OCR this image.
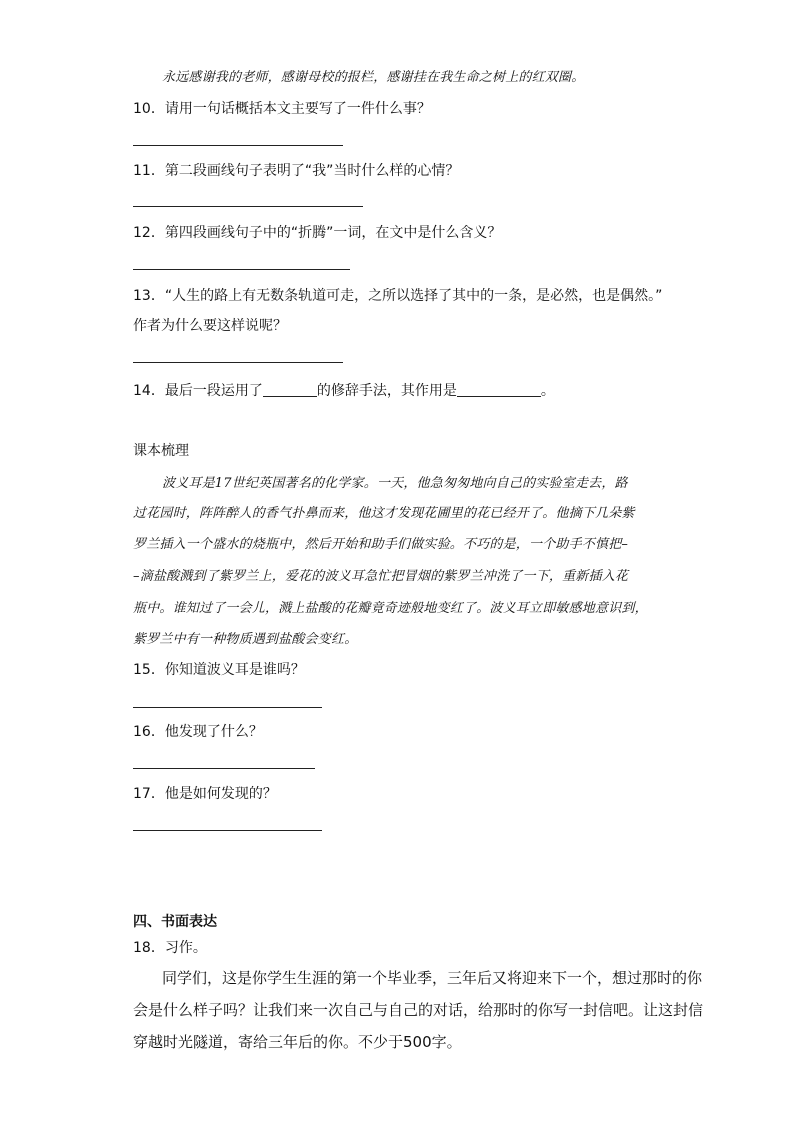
永远感谢我的老师，感谢母校的报栏，感谢挂在我生命之树上的红双圈。
10．请用一句话概括本文主要写了一件什么事？
11．第二段画线句子表明了“我”当时什么样的心情？
12．第四段画线句子中的“折腾”一词，在文中是什么含义？
13．“人生的路上有无数条轨道可走，之所以选择了其中的一条，是必然，也是偶然。”
作者为什么要这样说呢？
14．最后一段运用了	的修辞手法，其作用是	。
课本梳理
波义耳是17世纪英国著名的化学家。一天，他急匆匆地向自己的实验室走去，路
过花园时，阵阵醉人的香气扑鼻而来，他这才发现花圃里的花已经开了。他摘下几朵紫
罗兰插入一个盛水的烧瓶中，然后开始和助手们做实验。不巧的是，一个助手不慎把–
–滴盐酸溅到了紫罗兰上，爱花的波义耳急忙把冒烟的紫罗兰冲洗了一下，重新插入花
瓶中。谁知过了一会儿，溅上盐酸的花瓣竟奇迹般地变红了。波义耳立即敏感地意识到，
紫罗兰中有一种物质遇到盐酸会变红。
15．你知道波义耳是谁吗？
16．他发现了什么？
17．他是如何发现的？
四、书面表达
18．习作。
同学们，这是你学生生涯的第一个毕业季，三年后又将迎来下一个，想过那时的你
会是什么样子吗？让我们来一次自己与自己的对话，给那时的你写一封信吧。让这封信
穿越时光隧道，寄给三年后的你。不少于500字。
